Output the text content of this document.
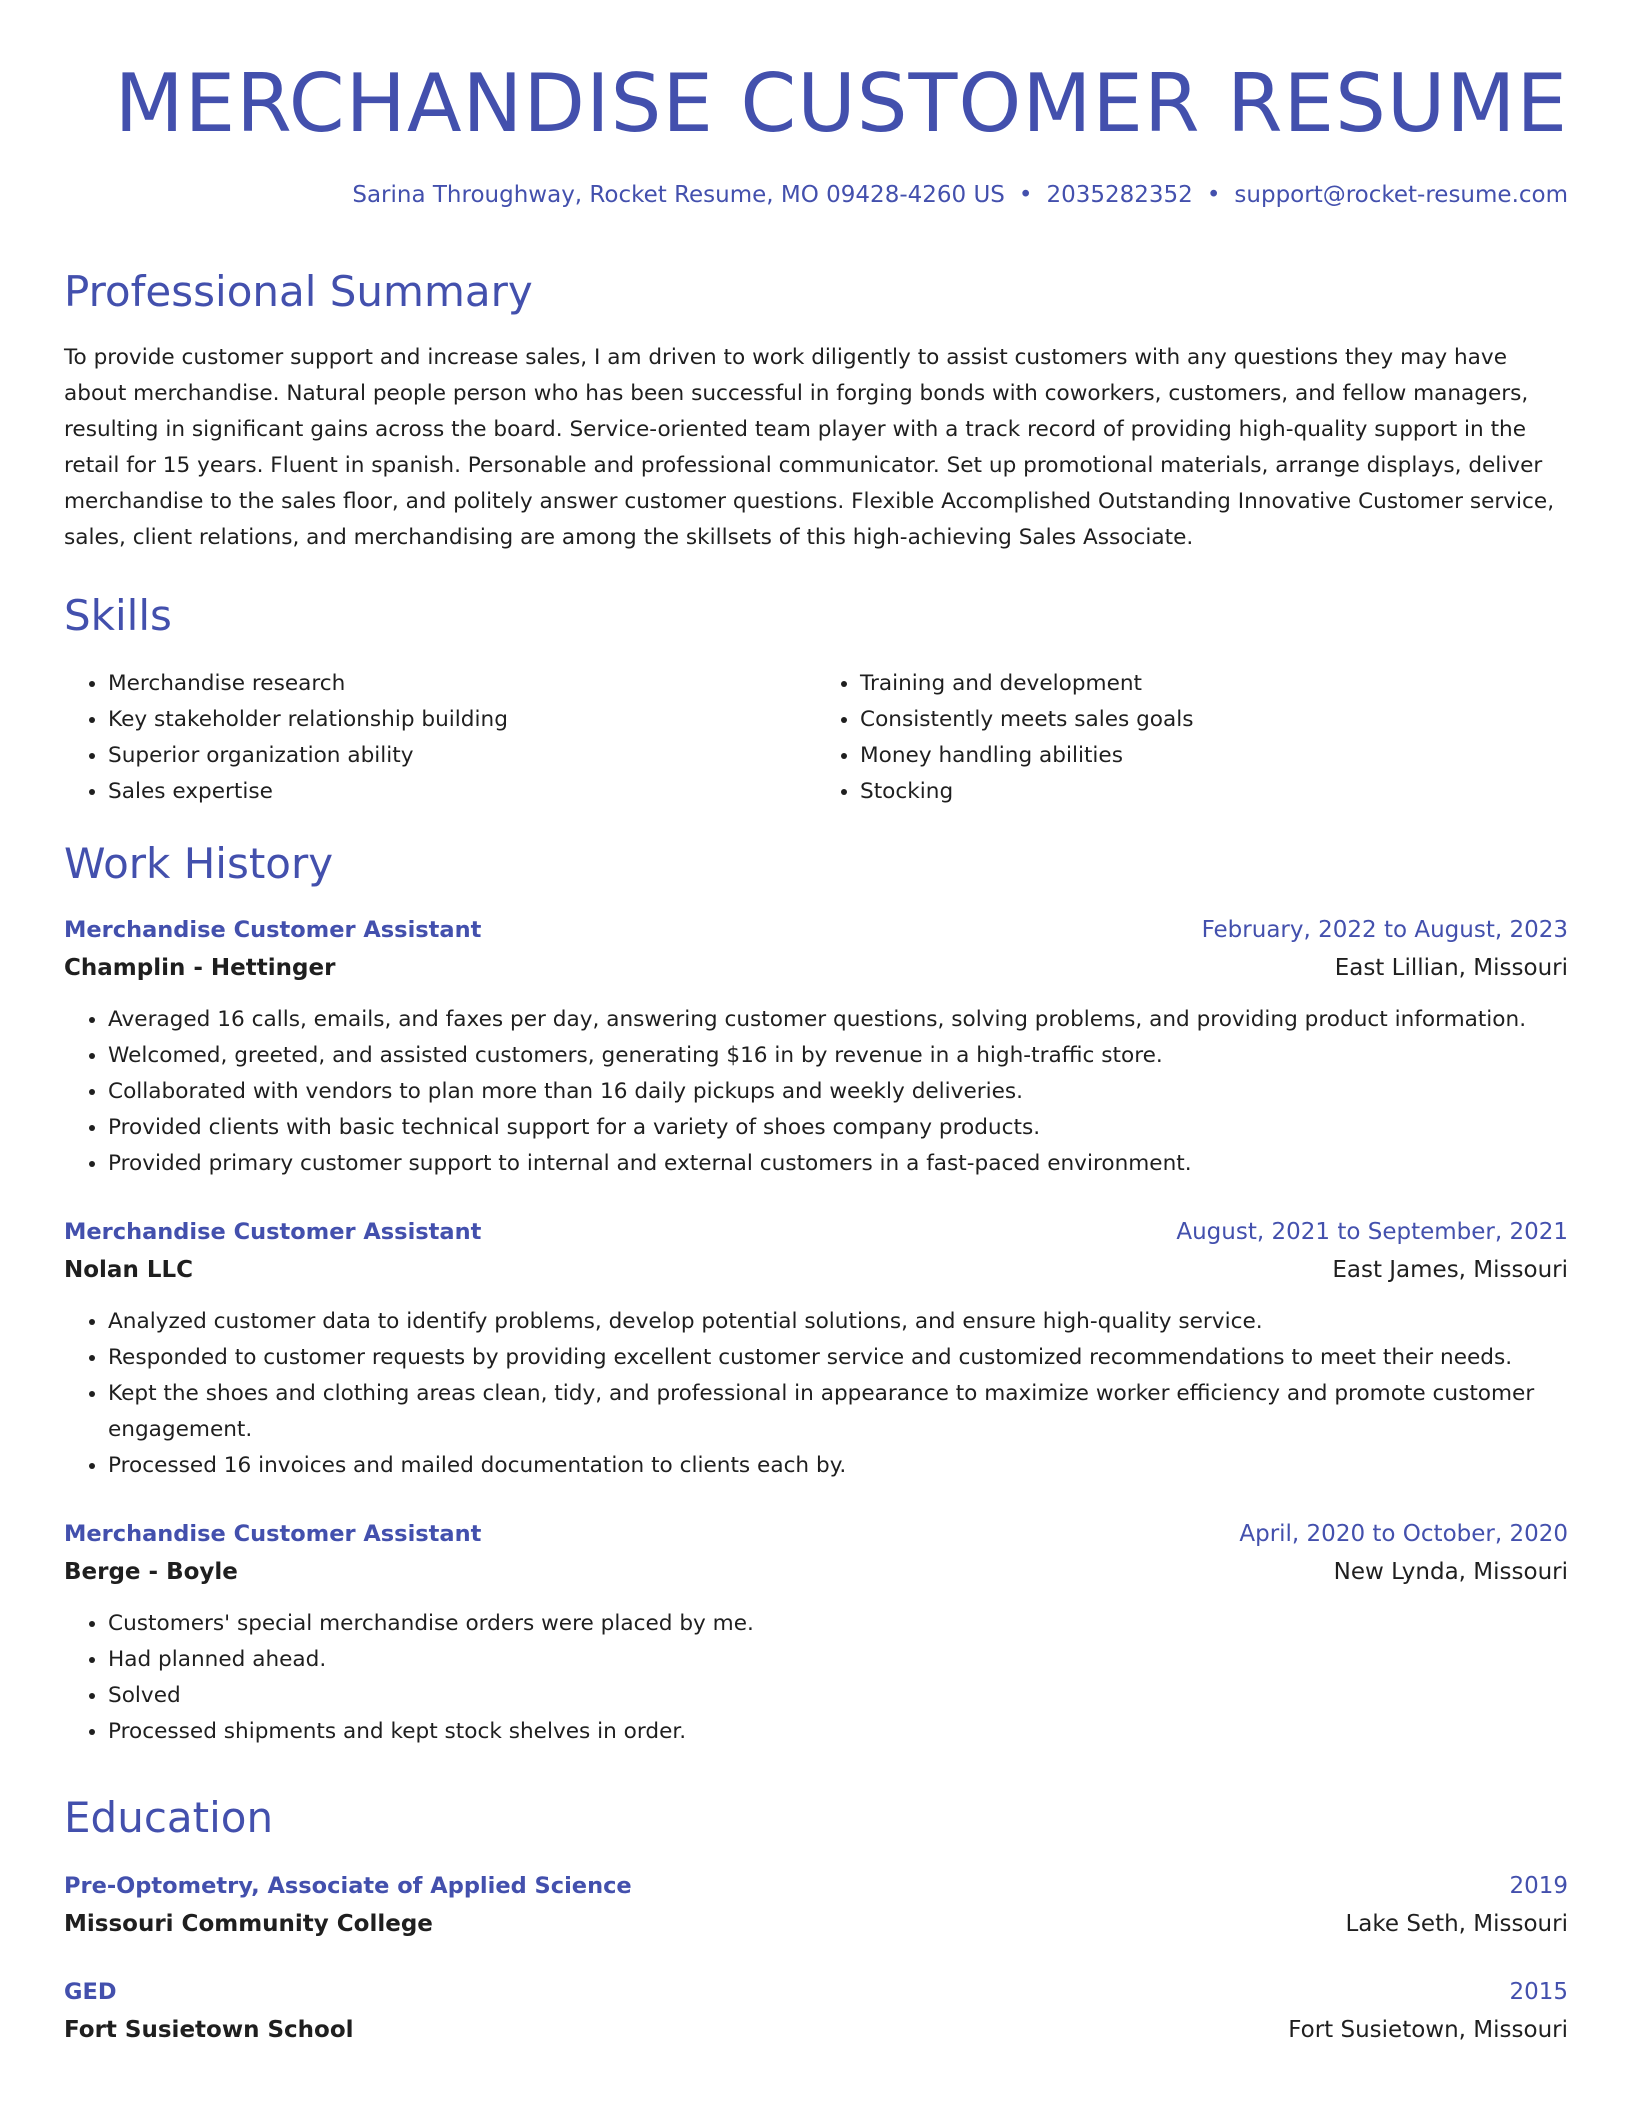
MERCHANDISE CUSTOMER RESUME
Sarina Throughway, Rocket Resume, MO 09428-4260 US • 2035282352 • support@rocket-resume.com
Professional Summary
To provide customer support and increase sales, I am driven to work diligently to assist customers with any questions they may have about merchandise. Natural people person who has been successful in forging bonds with coworkers, customers, and fellow managers, resulting in significant gains across the board. Service-oriented team player with a track record of providing high-quality support in the retail for 15 years. Fluent in spanish. Personable and professional communicator. Set up promotional materials, arrange displays, deliver merchandise to the sales floor, and politely answer customer questions. Flexible Accomplished Outstanding Innovative Customer service, sales, client relations, and merchandising are among the skillsets of this high-achieving Sales Associate.
Skills
• Merchandise research
• Key stakeholder relationship building
• Superior organization ability
• Sales expertise
• Training and development
• Consistently meets sales goals
• Money handling abilities
• Stocking
Work History
Merchandise Customer Assistant	February, 2022 to August, 2023
Champlin - Hettinger	East Lillian, Missouri
• Averaged 16 calls, emails, and faxes per day, answering customer questions, solving problems, and providing product information.
• Welcomed, greeted, and assisted customers, generating $16 in by revenue in a high-traffic store.
• Collaborated with vendors to plan more than 16 daily pickups and weekly deliveries.
• Provided clients with basic technical support for a variety of shoes company products.
• Provided primary customer support to internal and external customers in a fast-paced environment.
Merchandise Customer Assistant	August, 2021 to September, 2021
Nolan LLC	East James, Missouri
• Analyzed customer data to identify problems, develop potential solutions, and ensure high-quality service.
• Responded to customer requests by providing excellent customer service and customized recommendations to meet their needs.
• Kept the shoes and clothing areas clean, tidy, and professional in appearance to maximize worker efficiency and promote customer engagement.
• Processed 16 invoices and mailed documentation to clients each by.
Merchandise Customer Assistant	April, 2020 to October, 2020
Berge - Boyle	New Lynda, Missouri
• Customers' special merchandise orders were placed by me.
• Had planned ahead.
• Solved
• Processed shipments and kept stock shelves in order.
Education
Pre-Optometry, Associate of Applied Science	2019
Missouri Community College	Lake Seth, Missouri
GED	2015
Fort Susietown School	Fort Susietown, Missouri
